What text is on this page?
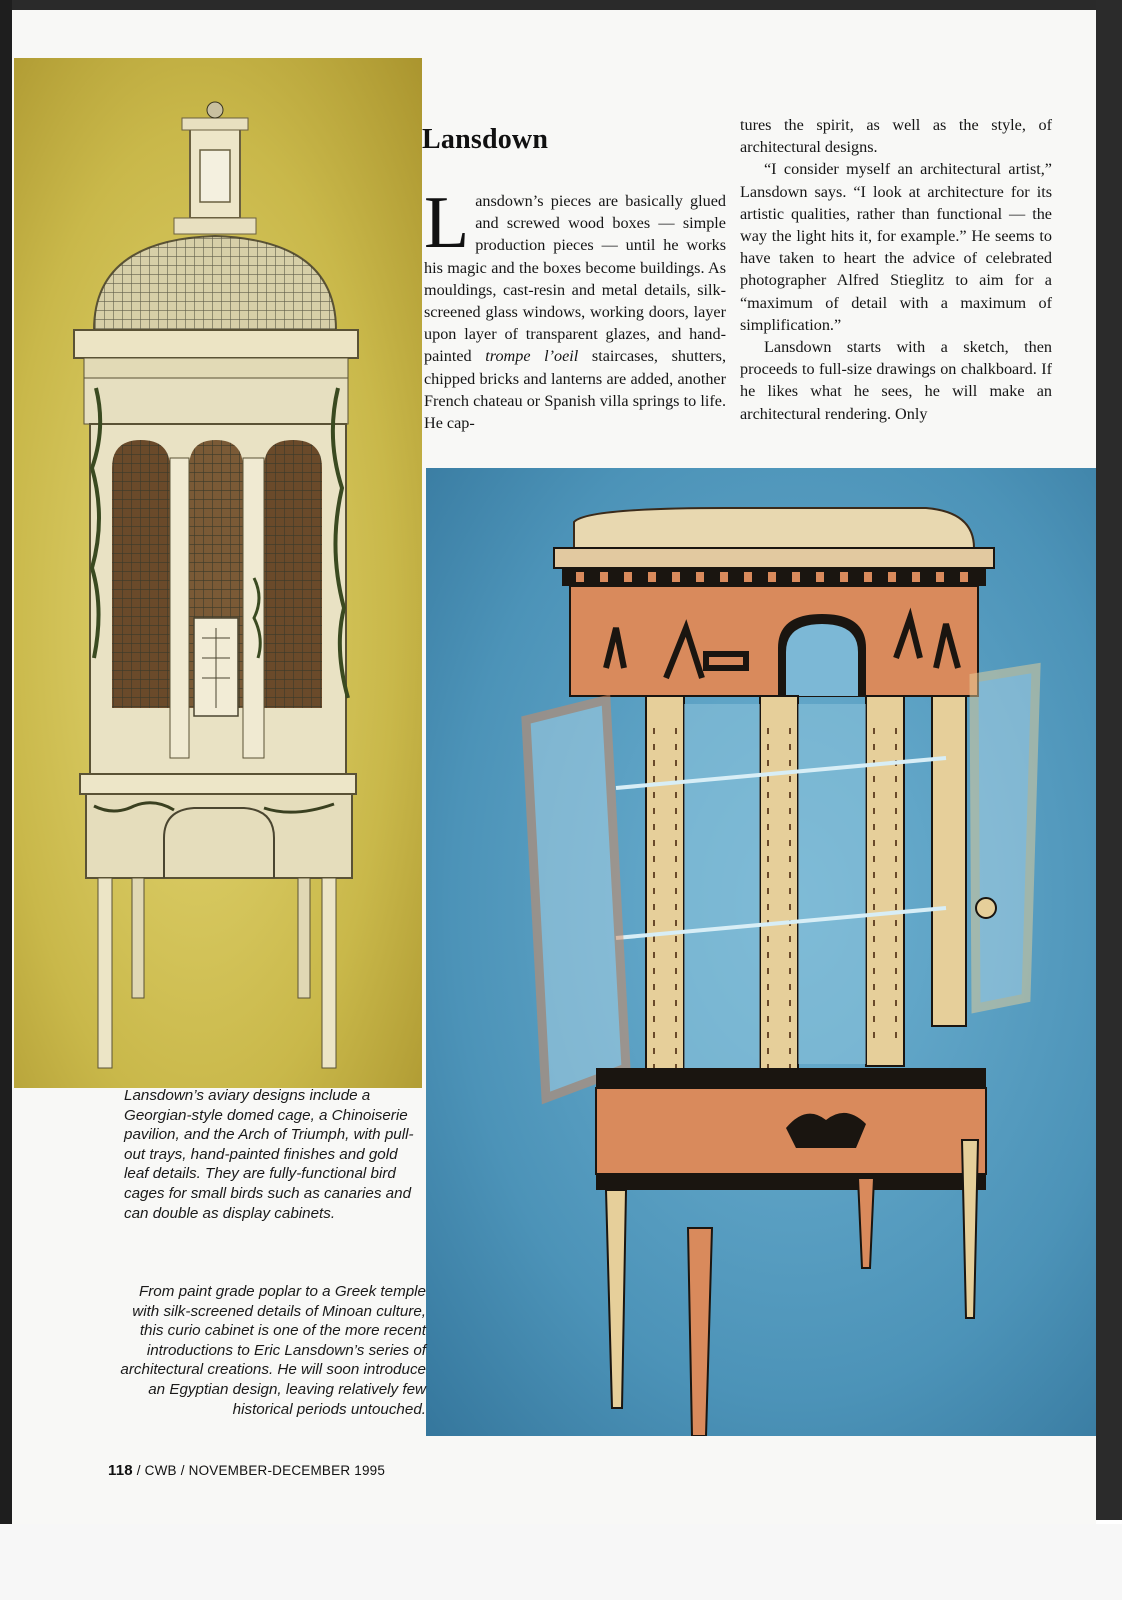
Lansdown

Lansdown’s pieces are basically glued and screwed wood boxes — simple production pieces — until he works his magic and the boxes become buildings. As mouldings, cast-resin and metal details, silk-screened glass windows, working doors, layer upon layer of transparent glazes, and hand-painted trompe l’oeil staircases, shutters, chipped bricks and lanterns are added, another French chateau or Spanish villa springs to life. He cap-

tures the spirit, as well as the style, of architectural designs.

“I consider myself an architectural artist,” Lansdown says. “I look at architecture for its artistic qualities, rather than functional — the way the light hits it, for example.” He seems to have taken to heart the advice of celebrated photographer Alfred Stieglitz to aim for a “maximum of detail with a maximum of simplification.”

Lansdown starts with a sketch, then proceeds to full-size drawings on chalkboard. If he likes what he sees, he will make an architectural rendering. Only

Lansdown’s aviary designs include a Georgian-style domed cage, a Chinoiserie pavilion, and the Arch of Triumph, with pull-out trays, hand-painted finishes and gold leaf details. They are fully-functional bird cages for small birds such as canaries and can double as display cabinets.
From paint grade poplar to a Greek temple with silk-screened details of Minoan culture, this curio cabinet is one of the more recent introductions to Eric Lansdown’s series of architectural creations. He will soon introduce an Egyptian design, leaving relatively few historical periods untouched.
118 / CWB / NOVEMBER-DECEMBER 1995
